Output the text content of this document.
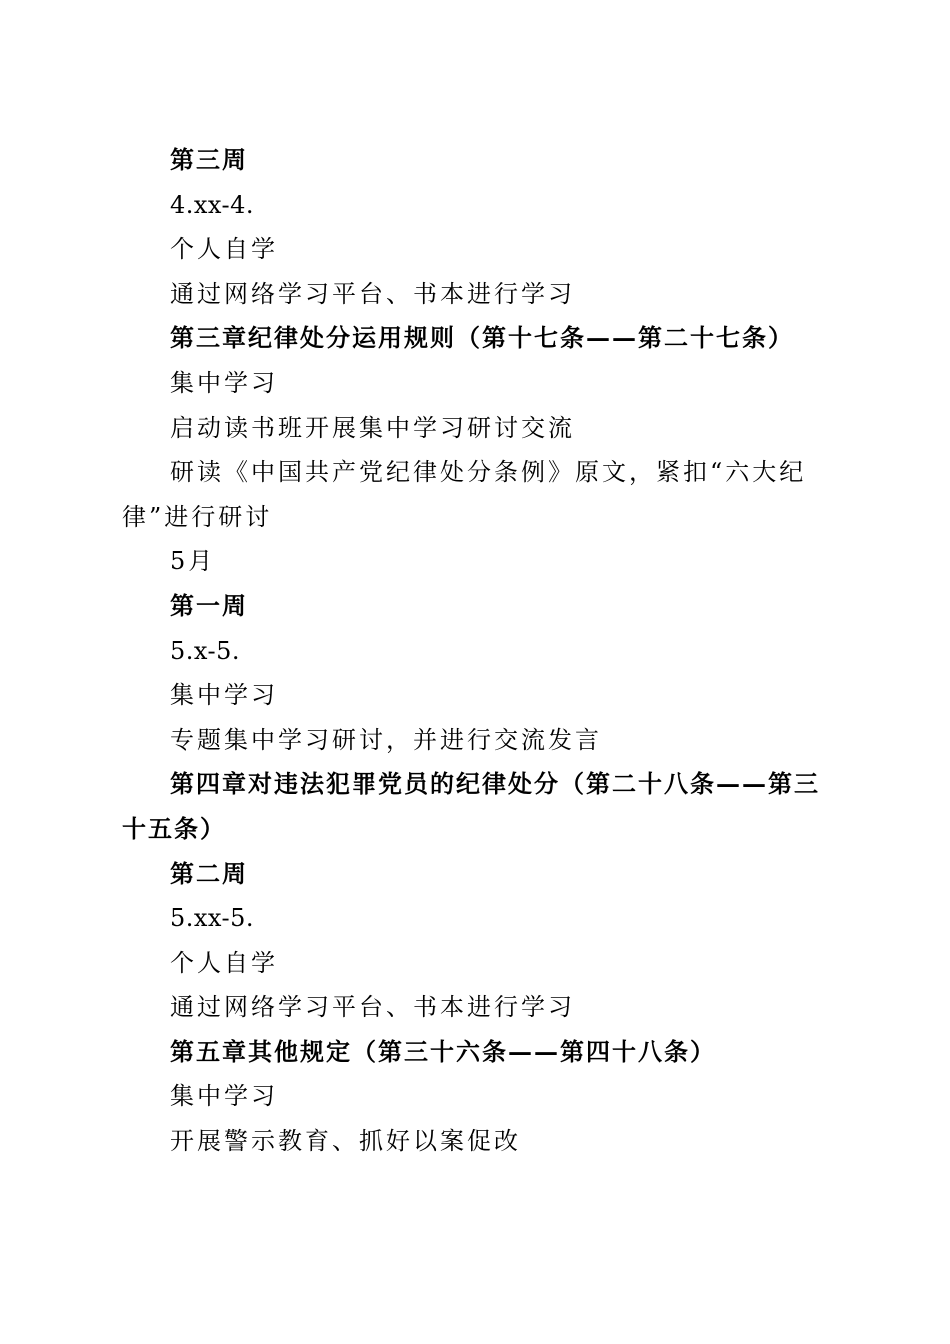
第三周

4.xx-4.

个人自学

通过网络学习平台、书本进行学习

第三章纪律处分运用规则（第十七条——第二十七条）

集中学习

启动读书班开展集中学习研讨交流

研读《中国共产党纪律处分条例》原文，紧扣“六大纪律”进行研讨

5月

第一周

5.x-5.

集中学习

专题集中学习研讨，并进行交流发言

第四章对违法犯罪党员的纪律处分（第二十八条——第三十五条）

第二周

5.xx-5.

个人自学

通过网络学习平台、书本进行学习

第五章其他规定（第三十六条——第四十八条）

集中学习

开展警示教育、抓好以案促改
